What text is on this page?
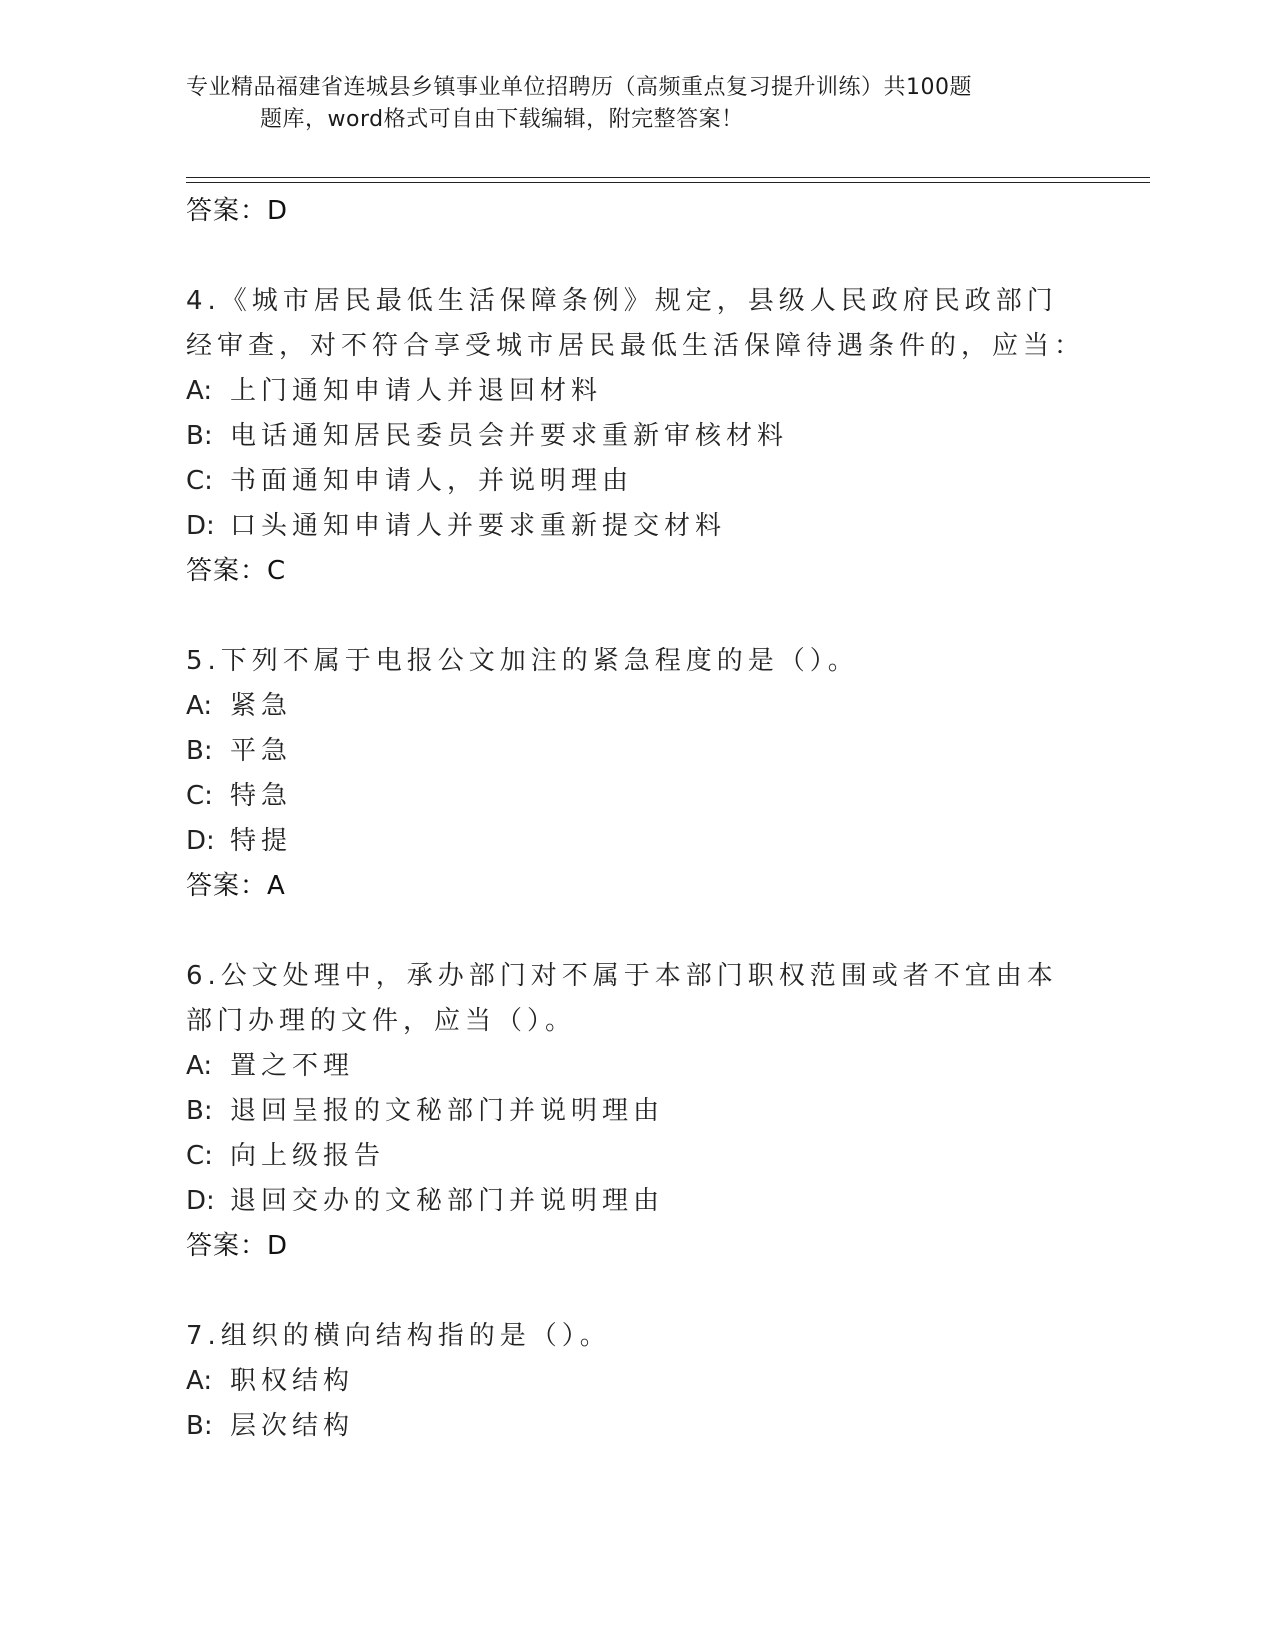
专业精品福建省连城县乡镇事业单位招聘历（高频重点复习提升训练）共100题
题库，word格式可自由下载编辑，附完整答案！
答案：D

4.《城市居民最低生活保障条例》规定，县级人民政府民政部门经审查，对不符合享受城市居民最低生活保障待遇条件的，应当：

A: 上门通知申请人并退回材料
B: 电话通知居民委员会并要求重新审核材料
C: 书面通知申请人，并说明理由
D: 口头通知申请人并要求重新提交材料
答案：C

5.下列不属于电报公文加注的紧急程度的是（）。

A: 紧急
B: 平急
C: 特急
D: 特提
答案：A

6.公文处理中，承办部门对不属于本部门职权范围或者不宜由本部门办理的文件，应当（）。

A: 置之不理
B: 退回呈报的文秘部门并说明理由
C: 向上级报告
D: 退回交办的文秘部门并说明理由
答案：D

7.组织的横向结构指的是（）。

A: 职权结构
B: 层次结构
